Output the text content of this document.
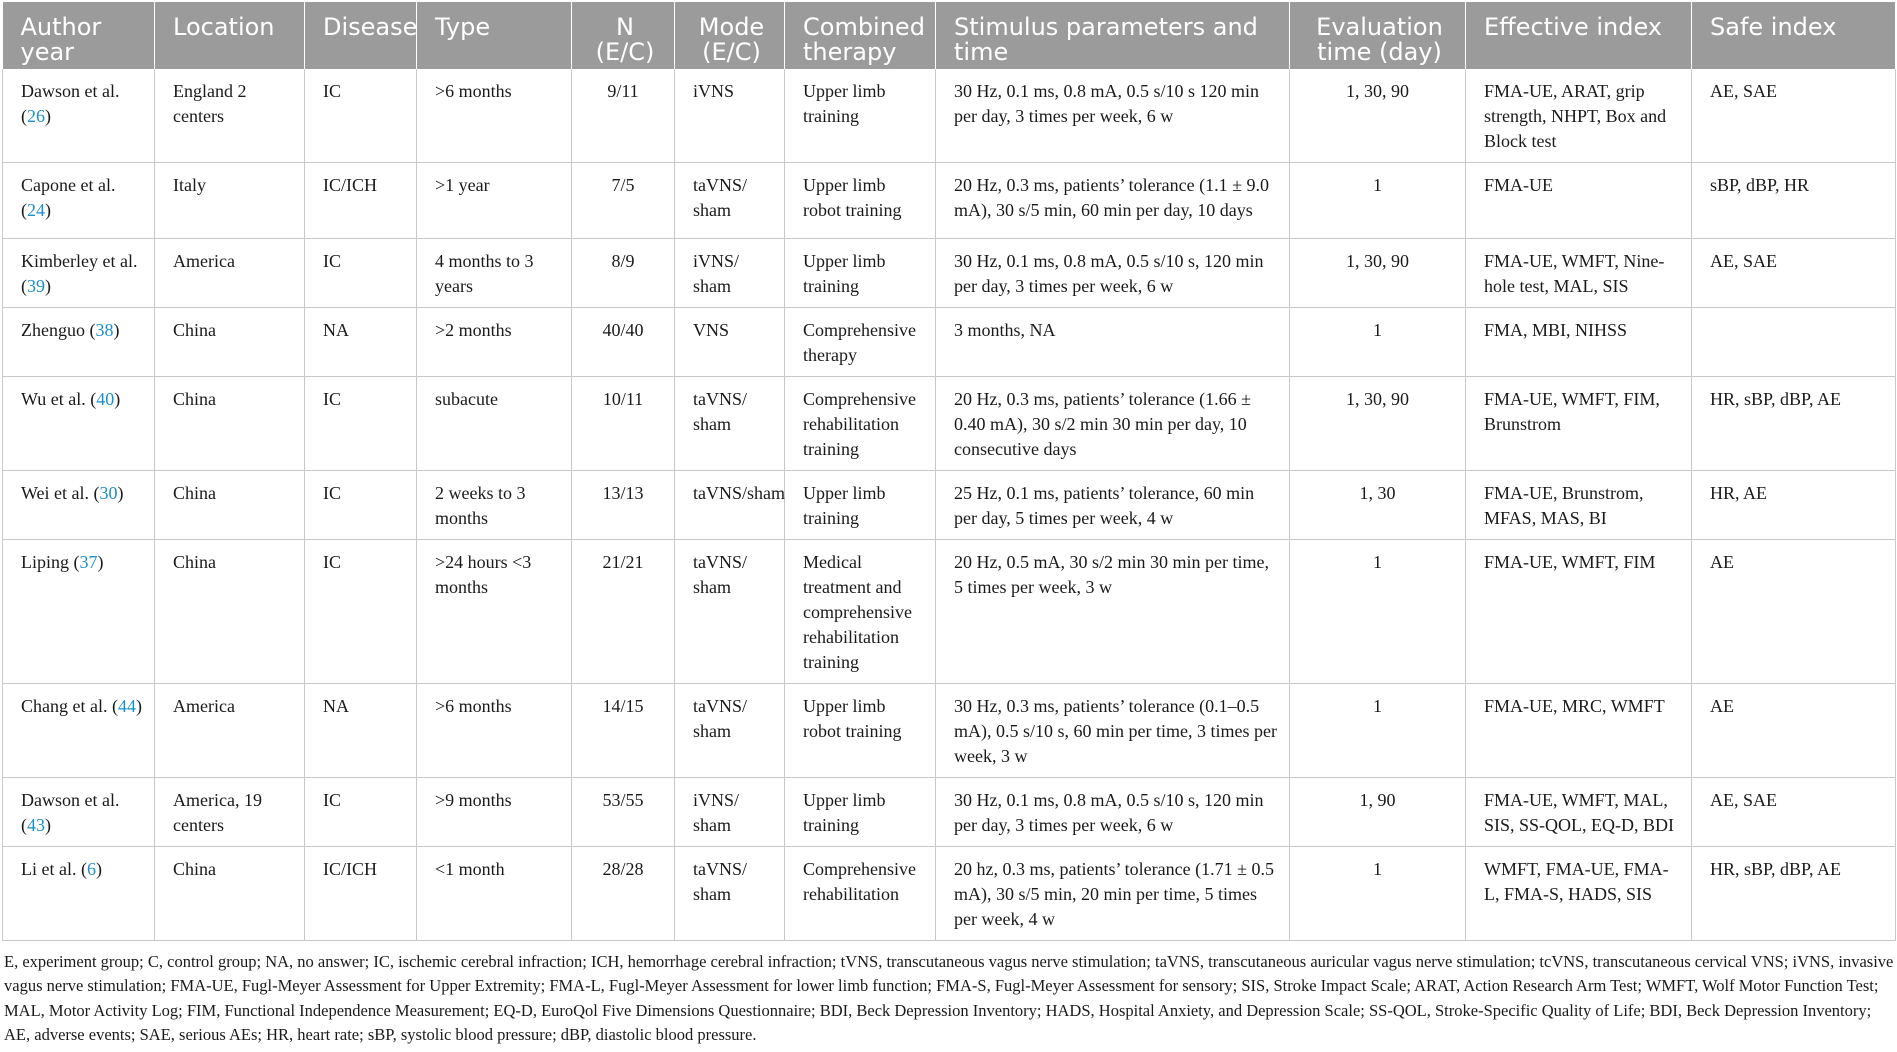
Author year	Location	Disease	Type	N (E/C)	Mode (E/C)	Combined therapy	Stimulus parameters and time	Evaluation time (day)	Effective index	Safe index
Dawson et al. (26)	England 2 centers	IC	>6 months	9/11	iVNS	Upper limb training	30 Hz, 0.1 ms, 0.8 mA, 0.5 s/10 s 120 min per day, 3 times per week, 6 w	1, 30, 90	FMA-UE, ARAT, grip strength, NHPT, Box and Block test	AE, SAE
Capone et al. (24)	Italy	IC/ICH	>1 year	7/5	taVNS/ sham	Upper limb robot training	20 Hz, 0.3 ms, patients’ tolerance (1.1 ± 9.0 mA), 30 s/5 min, 60 min per day, 10 days	1	FMA-UE	sBP, dBP, HR
Kimberley et al. (39)	America	IC	4 months to 3 years	8/9	iVNS/ sham	Upper limb training	30 Hz, 0.1 ms, 0.8 mA, 0.5 s/10 s, 120 min per day, 3 times per week, 6 w	1, 30, 90	FMA-UE, WMFT, Nine-hole test, MAL, SIS	AE, SAE
Zhenguo (38)	China	NA	>2 months	40/40	VNS	Comprehensive therapy	3 months, NA	1	FMA, MBI, NIHSS	
Wu et al. (40)	China	IC	subacute	10/11	taVNS/ sham	Comprehensive rehabilitation training	20 Hz, 0.3 ms, patients’ tolerance (1.66 ± 0.40 mA), 30 s/2 min 30 min per day, 10 consecutive days	1, 30, 90	FMA-UE, WMFT, FIM, Brunstrom	HR, sBP, dBP, AE
Wei et al. (30)	China	IC	2 weeks to 3 months	13/13	taVNS/sham	Upper limb training	25 Hz, 0.1 ms, patients’ tolerance, 60 min per day, 5 times per week, 4 w	1, 30	FMA-UE, Brunstrom, MFAS, MAS, BI	HR, AE
Liping (37)	China	IC	>24 hours <3 months	21/21	taVNS/ sham	Medical treatment and comprehensive rehabilitation training	20 Hz, 0.5 mA, 30 s/2 min 30 min per time, 5 times per week, 3 w	1	FMA-UE, WMFT, FIM	AE
Chang et al. (44)	America	NA	>6 months	14/15	taVNS/ sham	Upper limb robot training	30 Hz, 0.3 ms, patients’ tolerance (0.1–0.5 mA), 0.5 s/10 s, 60 min per time, 3 times per week, 3 w	1	FMA-UE, MRC, WMFT	AE
Dawson et al. (43)	America, 19 centers	IC	>9 months	53/55	iVNS/ sham	Upper limb training	30 Hz, 0.1 ms, 0.8 mA, 0.5 s/10 s, 120 min per day, 3 times per week, 6 w	1, 90	FMA-UE, WMFT, MAL, SIS, SS-QOL, EQ-D, BDI	AE, SAE
Li et al. (6)	China	IC/ICH	<1 month	28/28	taVNS/ sham	Comprehensive rehabilitation	20 hz, 0.3 ms, patients’ tolerance (1.71 ± 0.5 mA), 30 s/5 min, 20 min per time, 5 times per week, 4 w	1	WMFT, FMA-UE, FMA-L, FMA-S, HADS, SIS	HR, sBP, dBP, AE
E, experiment group; C, control group; NA, no answer; IC, ischemic cerebral infraction; ICH, hemorrhage cerebral infraction; tVNS, transcutaneous vagus nerve stimulation; taVNS, transcutaneous auricular vagus nerve stimulation; tcVNS, transcutaneous cervical VNS; iVNS, invasive vagus nerve stimulation; FMA-UE, Fugl-Meyer Assessment for Upper Extremity; FMA-L, Fugl-Meyer Assessment for lower limb function; FMA-S, Fugl-Meyer Assessment for sensory; SIS, Stroke Impact Scale; ARAT, Action Research Arm Test; WMFT, Wolf Motor Function Test; MAL, Motor Activity Log; FIM, Functional Independence Measurement; EQ-D, EuroQol Five Dimensions Questionnaire; BDI, Beck Depression Inventory; HADS, Hospital Anxiety, and Depression Scale; SS-QOL, Stroke-Specific Quality of Life; BDI, Beck Depression Inventory; AE, adverse events; SAE, serious AEs; HR, heart rate; sBP, systolic blood pressure; dBP, diastolic blood pressure.
